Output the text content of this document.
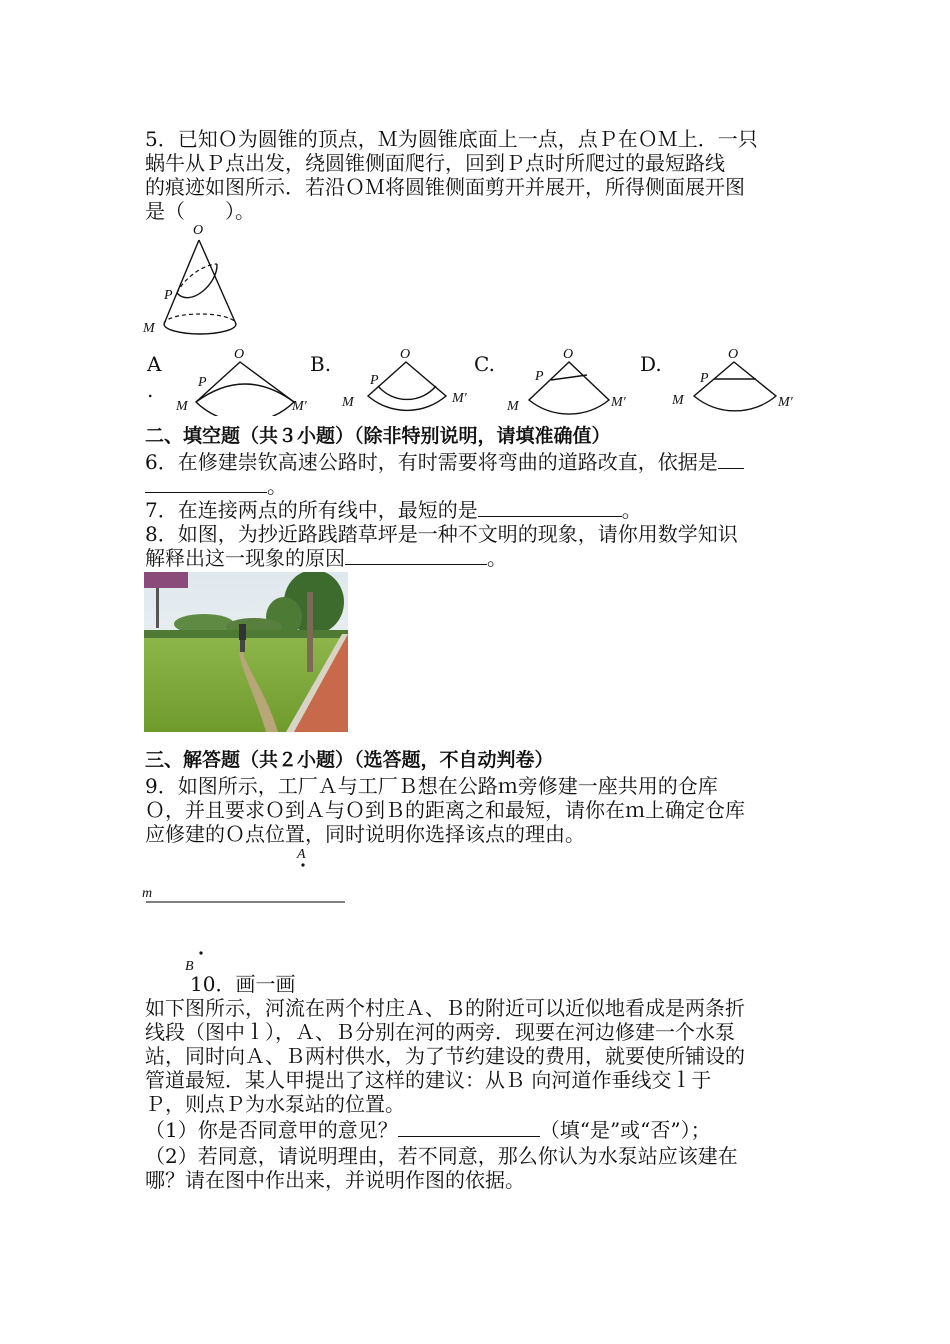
5．已知Ｏ为圆锥的顶点，Ｍ为圆锥底面上一点，点Ｐ在ＯＭ上．一只
蜗牛从Ｐ点出发，绕圆锥侧面爬行，回到Ｐ点时所爬过的最短路线
的痕迹如图所示．若沿ＯＭ将圆锥侧面剪开并展开，所得侧面展开图
是（　　）。
O
P
M
A
.
O
P
M	M′
B.	O
P
M	M′
C.	O
P
M	M′
D.	O
P
M	M′
二、填空题（共３小题）（除非特别说明，请填准确值）
6．在修建崇钦高速公路时，有时需要将弯曲的道路改直，依据是
。
7．在连接两点的所有线中，最短的是	。
8．如图，为抄近路践踏草坪是一种不文明的现象，请你用数学知识
解释出这一现象的原因	。
三、解答题（共２小题）（选答题，不自动判卷）
9．如图所示，工厂Ａ与工厂Ｂ想在公路ｍ旁修建一座共用的仓库
Ｏ，并且要求Ｏ到Ａ与Ｏ到Ｂ的距离之和最短，请你在ｍ上确定仓库
应修建的Ｏ点位置，同时说明你选择该点的理由。
A
m
B
10．画一画
如下图所示，河流在两个村庄Ａ、Ｂ的附近可以近似地看成是两条折
线段（图中ｌ），Ａ、Ｂ分别在河的两旁．现要在河边修建一个水泵
站，同时向Ａ、Ｂ两村供水，为了节约建设的费用，就要使所铺设的
管道最短．某人甲提出了这样的建议：从Ｂ 向河道作垂线交ｌ于
Ｐ，则点Ｐ为水泵站的位置。
（1）你是否同意甲的意见？	（填“是”或“否”）；
（2）若同意，请说明理由，若不同意，那么你认为水泵站应该建在
哪？请在图中作出来，并说明作图的依据。
